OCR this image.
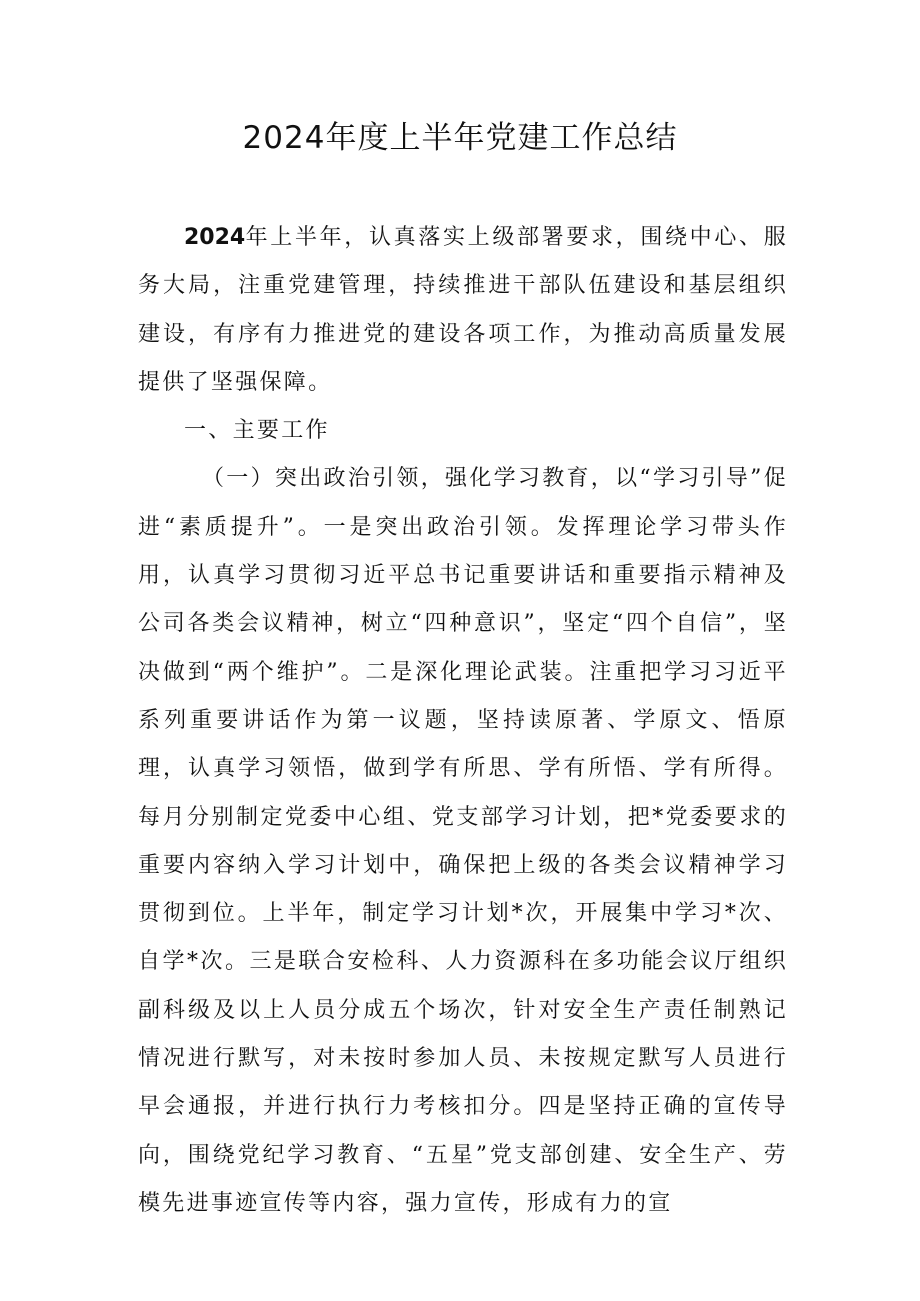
2024年度上半年党建工作总结

2024年上半年，认真落实上级部署要求，围绕中心、服务大局，注重党建管理，持续推进干部队伍建设和基层组织建设，有序有力推进党的建设各项工作，为推动高质量发展提供了坚强保障。

一、主要工作

（一）突出政治引领，强化学习教育，以“学习引导”促进“素质提升”。一是突出政治引领。发挥理论学习带头作用，认真学习贯彻习近平总书记重要讲话和重要指示精神及公司各类会议精神，树立“四种意识”，坚定“四个自信”，坚决做到“两个维护”。二是深化理论武装。注重把学习习近平系列重要讲话作为第一议题，坚持读原著、学原文、悟原理，认真学习领悟，做到学有所思、学有所悟、学有所得。每月分别制定党委中心组、党支部学习计划，把*党委要求的重要内容纳入学习计划中，确保把上级的各类会议精神学习贯彻到位。上半年，制定学习计划*次，开展集中学习*次、自学*次。三是联合安检科、人力资源科在多功能会议厅组织副科级及以上人员分成五个场次，针对安全生产责任制熟记情况进行默写，对未按时参加人员、未按规定默写人员进行早会通报，并进行执行力考核扣分。四是坚持正确的宣传导向，围绕党纪学习教育、“五星”党支部创建、安全生产、劳模先进事迹宣传等内容，强力宣传，形成有力的宣
